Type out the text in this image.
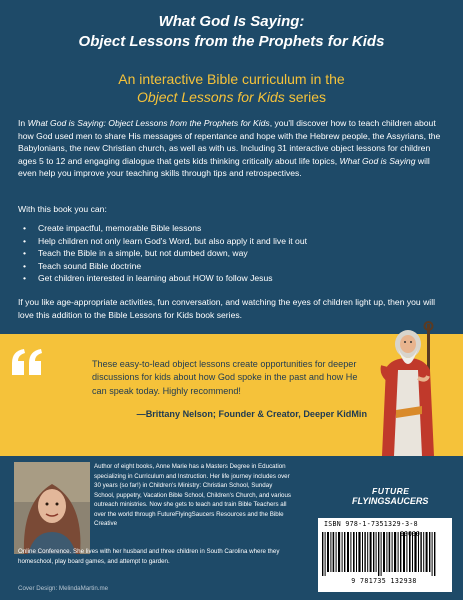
What God Is Saying:
Object Lessons from the Prophets for Kids
An interactive Bible curriculum in the
Object Lessons for Kids series
In What God is Saying: Object Lessons from the Prophets for Kids, you'll discover how to teach children about how God used men to share His messages of repentance and hope with the Hebrew people, the Assyrians, the Babylonians, the new Christian church, as well as with us. Including 31 interactive object lessons for children ages 5 to 12 and engaging dialogue that gets kids thinking critically about life topics, What God is Saying will even help you improve your teaching skills through tips and retrospectives.
With this book you can:
• Create impactful, memorable Bible lessons
• Help children not only learn God's Word, but also apply it and live it out
• Teach the Bible in a simple, but not dumbed down, way
• Teach sound Bible doctrine
• Get children interested in learning about HOW to follow Jesus
If you like age-appropriate activities, fun conversation, and watching the eyes of children light up, then you will love this addition to the Bible Lessons for Kids book series.
These easy-to-lead object lessons create opportunities for deeper discussions for kids about how God spoke in the past and how He can speak today. Highly recommend!
—Brittany Nelson; Founder & Creator, Deeper KidMin
Author of eight books, Anne Marie has a Masters Degree in Education specializing in Curriculum and Instruction. Her life journey includes over 30 years (so far!) in Children's Ministry: Christian School, Sunday School, puppetry, Vacation Bible School, Children's Church, and various outreach ministries. Now she gets to teach and train Bible Teachers all over the world through FutureFlyingSaucers Resources and the Bible Creative
Online Conference. She lives with her husband and three children in South Carolina where they homeschool, play board games, and attempt to garden.
FUTURE
FLYINGSAUCERS
ISBN 978-1-7351329-3-8
90000
9 781735 132938
Cover Design: MelindaMartin.me
